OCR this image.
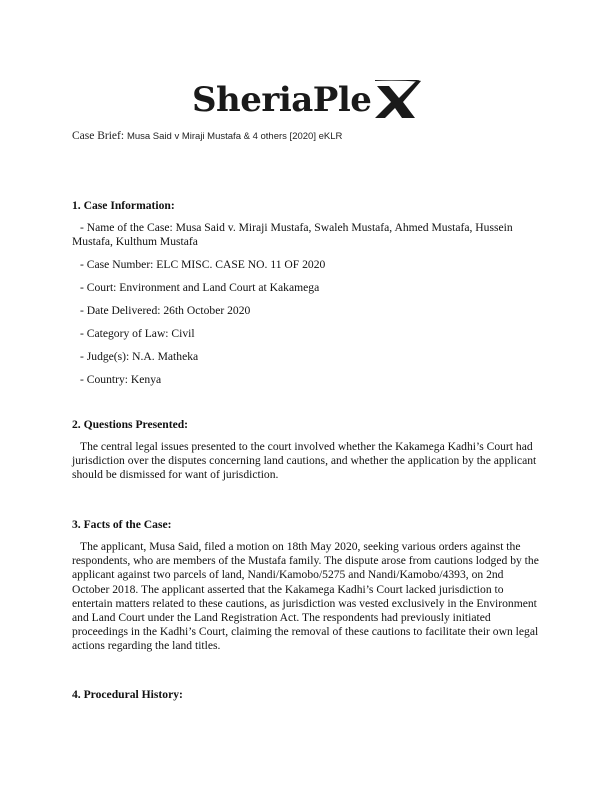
SheriaPle
Case Brief: Musa Said v Miraji Mustafa & 4 others [2020] eKLR
1. Case Information:
- Name of the Case: Musa Said v. Miraji Mustafa, Swaleh Mustafa, Ahmed Mustafa, Hussein Mustafa, Kulthum Mustafa
- Case Number: ELC MISC. CASE NO. 11 OF 2020
- Court: Environment and Land Court at Kakamega
- Date Delivered: 26th October 2020
- Category of Law: Civil
- Judge(s): N.A. Matheka
- Country: Kenya
2. Questions Presented:
The central legal issues presented to the court involved whether the Kakamega Kadhi’s Court had jurisdiction over the disputes concerning land cautions, and whether the application by the applicant should be dismissed for want of jurisdiction.
3. Facts of the Case:
The applicant, Musa Said, filed a motion on 18th May 2020, seeking various orders against the respondents, who are members of the Mustafa family. The dispute arose from cautions lodged by the applicant against two parcels of land, Nandi/Kamobo/5275 and Nandi/Kamobo/4393, on 2nd October 2018. The applicant asserted that the Kakamega Kadhi’s Court lacked jurisdiction to entertain matters related to these cautions, as jurisdiction was vested exclusively in the Environment and Land Court under the Land Registration Act. The respondents had previously initiated proceedings in the Kadhi’s Court, claiming the removal of these cautions to facilitate their own legal actions regarding the land titles.
4. Procedural History:
